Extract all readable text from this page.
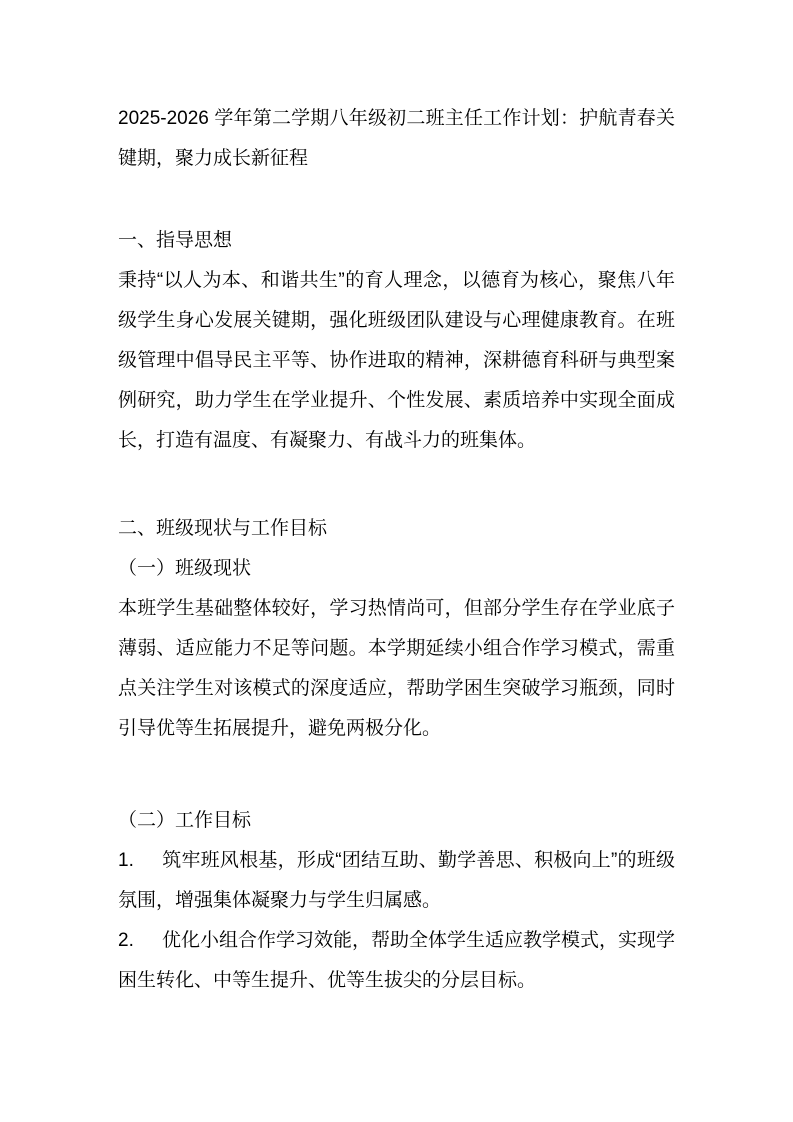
2025-2026 学年第二学期八年级初二班主任工作计划：护航青春关键期，聚力成长新征程

一、指导思想

秉持“以人为本、和谐共生”的育人理念，以德育为核心，聚焦八年级学生身心发展关键期，强化班级团队建设与心理健康教育。在班级管理中倡导民主平等、协作进取的精神，深耕德育科研与典型案例研究，助力学生在学业提升、个性发展、素质培养中实现全面成长，打造有温度、有凝聚力、有战斗力的班集体。

二、班级现状与工作目标

（一）班级现状

本班学生基础整体较好，学习热情尚可，但部分学生存在学业底子薄弱、适应能力不足等问题。本学期延续小组合作学习模式，需重点关注学生对该模式的深度适应，帮助学困生突破学习瓶颈，同时引导优等生拓展提升，避免两极分化。

（二）工作目标

1. 筑牢班风根基，形成“团结互助、勤学善思、积极向上”的班级氛围，增强集体凝聚力与学生归属感。

2. 优化小组合作学习效能，帮助全体学生适应教学模式，实现学困生转化、中等生提升、优等生拔尖的分层目标。
